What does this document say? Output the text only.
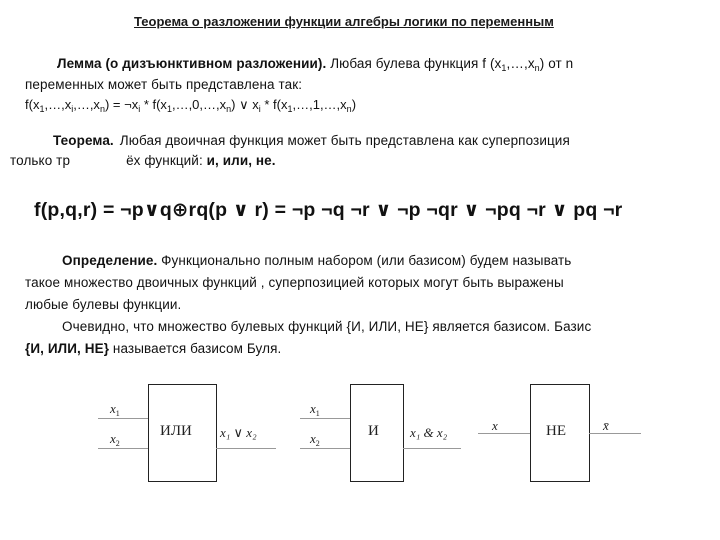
Теорема о разложении функции алгебры логики по переменным
Лемма (о дизъюнктивном разложении). Любая булева функция f $(x_1,\dots,x_n)$ от n
переменных может быть представлена так:
$f(x_1,\dots,x_i,\dots,x_n)$ = $\neg x_i$ * $f(x_1,\dots,0,\dots,x_n)$ ∨ $x_i$ * $f(x_1,\dots,1,\dots,x_n)$
Теорема. Любая двоичная функция может быть представлена как суперпозиция
только тр	ёх функций: и, или, не.
f(p,q,r) = ¬p∨q⊕rq(p ∨ r) = ¬p ¬q ¬r ∨ ¬p ¬qr ∨ ¬pq ¬r ∨ pq ¬r
Определение. Функционально полным набором (или базисом) будем называть
такое множество двоичных функций , суперпозицией которых могут быть выражены
любые булевы функции.
Очевидно, что множество булевых функций {И, ИЛИ, НЕ} является базисом. Базис
{И, ИЛИ, НЕ} называется базисом Буля.
$x_1$
$x_2$
ИЛИ x₁ ∨ x₂
$x_1$
$x_2$
И x₁ & x₂	x	НЕ	x̄
